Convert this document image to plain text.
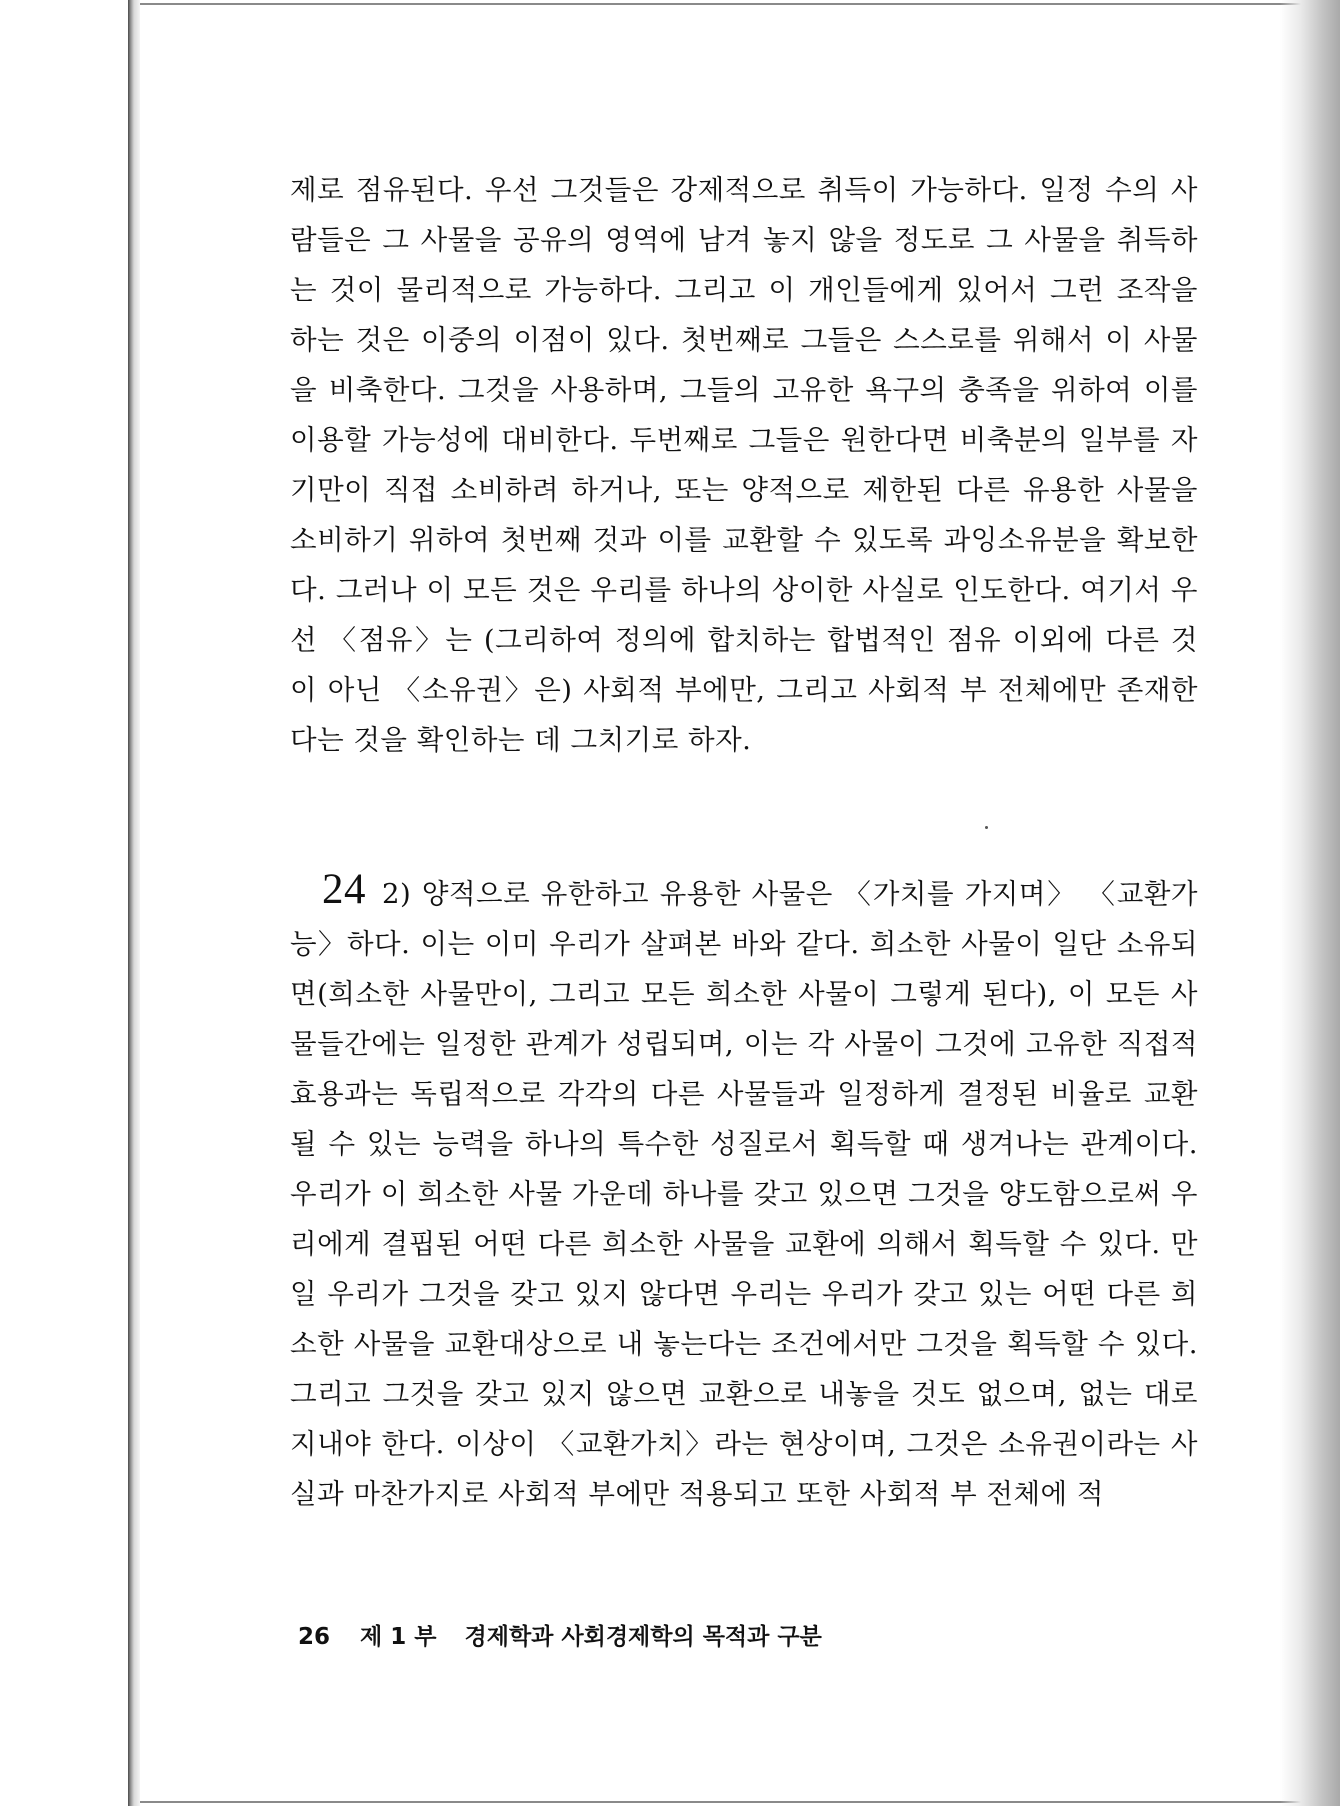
제로 점유된다. 우선 그것들은 강제적으로 취득이 가능하다. 일정 수의 사람들은 그 사물을 공유의 영역에 남겨 놓지 않을 정도로 그 사물을 취득하는 것이 물리적으로 가능하다. 그리고 이 개인들에게 있어서 그런 조작을 하는 것은 이중의 이점이 있다. 첫번째로 그들은 스스로를 위해서 이 사물을 비축한다. 그것을 사용하며, 그들의 고유한 욕구의 충족을 위하여 이를 이용할 가능성에 대비한다. 두번째로 그들은 원한다면 비축분의 일부를 자기만이 직접 소비하려 하거나, 또는 양적으로 제한된 다른 유용한 사물을 소비하기 위하여 첫번째 것과 이를 교환할 수 있도록 과잉소유분을 확보한다. 그러나 이 모든 것은 우리를 하나의 상이한 사실로 인도한다. 여기서 우선 〈점유〉는 (그리하여 정의에 합치하는 합법적인 점유 이외에 다른 것이 아닌 〈소유권〉은) 사회적 부에만, 그리고 사회적 부 전체에만 존재한다는 것을 확인하는 데 그치기로 하자.
24 2) 양적으로 유한하고 유용한 사물은 〈가치를 가지며〉 〈교환가능〉하다. 이는 이미 우리가 살펴본 바와 같다. 희소한 사물이 일단 소유되면(희소한 사물만이, 그리고 모든 희소한 사물이 그렇게 된다), 이 모든 사물들간에는 일정한 관계가 성립되며, 이는 각 사물이 그것에 고유한 직접적 효용과는 독립적으로 각각의 다른 사물들과 일정하게 결정된 비율로 교환될 수 있는 능력을 하나의 특수한 성질로서 획득할 때 생겨나는 관계이다. 우리가 이 희소한 사물 가운데 하나를 갖고 있으면 그것을 양도함으로써 우리에게 결핍된 어떤 다른 희소한 사물을 교환에 의해서 획득할 수 있다. 만일 우리가 그것을 갖고 있지 않다면 우리는 우리가 갖고 있는 어떤 다른 희소한 사물을 교환대상으로 내 놓는다는 조건에서만 그것을 획득할 수 있다. 그리고 그것을 갖고 있지 않으면 교환으로 내놓을 것도 없으며, 없는 대로 지내야 한다. 이상이 〈교환가치〉라는 현상이며, 그것은 소유권이라는 사실과 마찬가지로 사회적 부에만 적용되고 또한 사회적 부 전체에 적
26 제 1 부 경제학과 사회경제학의 목적과 구분
